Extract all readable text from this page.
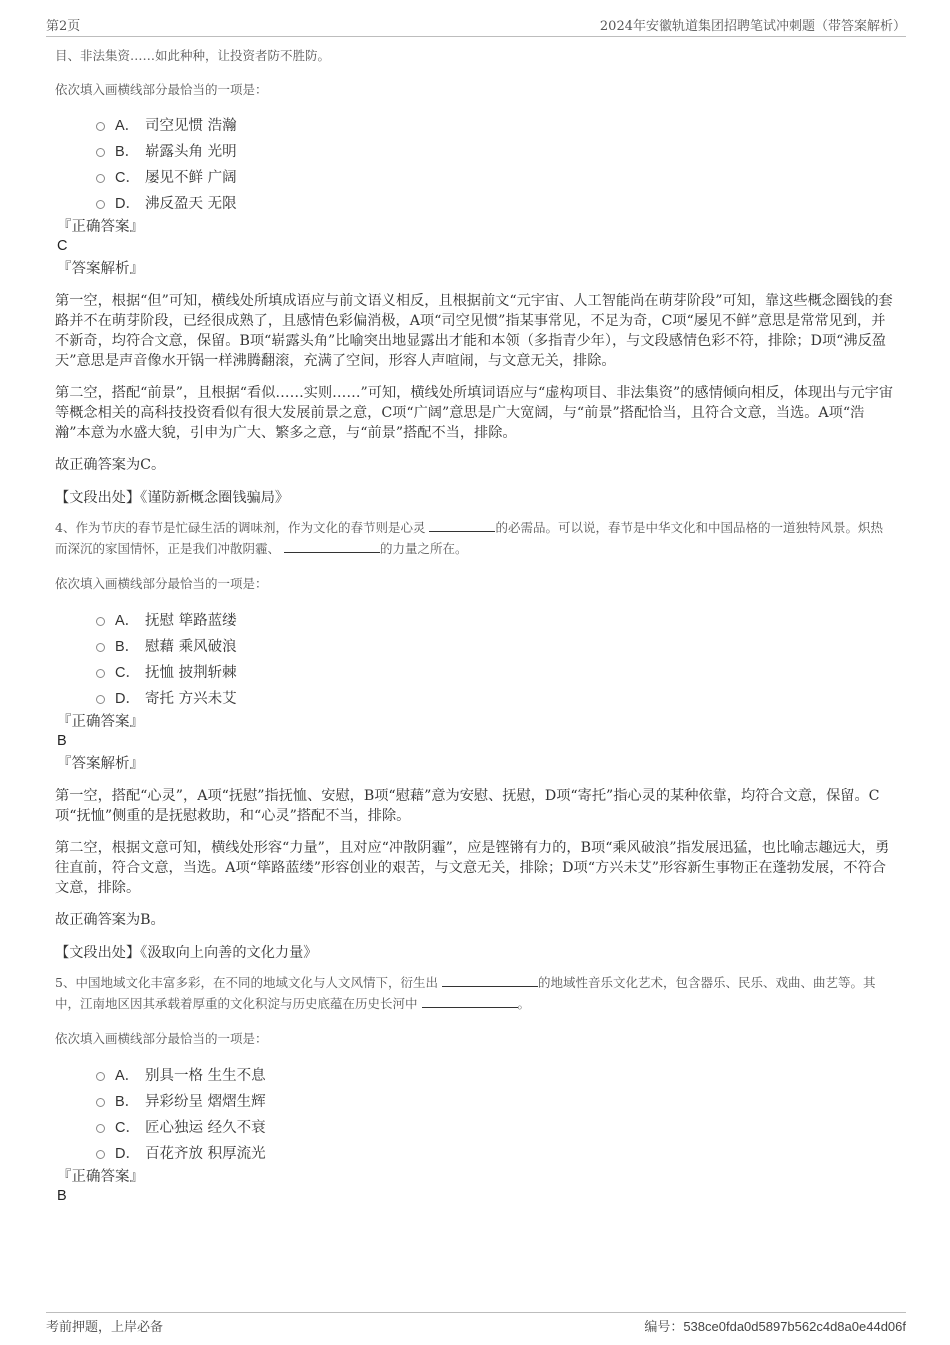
第2页	2024年安徽轨道集团招聘笔试冲刺题（带答案解析）
目、非法集资……如此种种，让投资者防不胜防。
依次填入画横线部分最恰当的一项是：
A． 司空见惯 浩瀚
B． 崭露头角 光明
C． 屡见不鲜 广阔
D． 沸反盈天 无限
『正确答案』
C
『答案解析』

第一空，根据“但”可知，横线处所填成语应与前文语义相反，且根据前文“元宇宙、人工智能尚在萌芽阶段”可知，靠这些概念圈钱的套路并不在萌芽阶段，已经很成熟了，且感情色彩偏消极，A项“司空见惯”指某事常见，不足为奇，C项“屡见不鲜”意思是常常见到，并不新奇，均符合文意，保留。B项“崭露头角”比喻突出地显露出才能和本领（多指青少年），与文段感情色彩不符，排除；D项“沸反盈天”意思是声音像水开锅一样沸腾翻滚，充满了空间，形容人声喧闹，与文意无关，排除。

第二空，搭配“前景”，且根据“看似……实则……”可知，横线处所填词语应与“虚构项目、非法集资”的感情倾向相反，体现出与元宇宙等概念相关的高科技投资看似有很大发展前景之意，C项“广阔”意思是广大宽阔，与“前景”搭配恰当，且符合文意，当选。A项“浩瀚”本意为水盛大貌，引申为广大、繁多之意，与“前景”搭配不当，排除。

故正确答案为C。

【文段出处】《谨防新概念圈钱骗局》

4、作为节庆的春节是忙碌生活的调味剂，作为文化的春节则是心灵	的必需品。可以说，春节是中华文化和中国品格的一道独特风景。炽热而深沉的家国情怀，正是我们冲散阴霾、	的力量之所在。

依次填入画横线部分最恰当的一项是：
A． 抚慰 筚路蓝缕
B． 慰藉 乘风破浪
C． 抚恤 披荆斩棘
D． 寄托 方兴未艾
『正确答案』
B
『答案解析』

第一空，搭配“心灵”，A项“抚慰”指抚恤、安慰，B项“慰藉”意为安慰、抚慰，D项“寄托”指心灵的某种依靠，均符合文意，保留。C项“抚恤”侧重的是抚慰救助，和“心灵”搭配不当，排除。

第二空，根据文意可知，横线处形容“力量”，且对应“冲散阴霾”，应是铿锵有力的，B项“乘风破浪”指发展迅猛，也比喻志趣远大，勇往直前，符合文意，当选。A项“筚路蓝缕”形容创业的艰苦，与文意无关，排除；D项“方兴未艾”形容新生事物正在蓬勃发展，不符合文意，排除。

故正确答案为B。

【文段出处】《汲取向上向善的文化力量》

5、中国地域文化丰富多彩，在不同的地域文化与人文风情下，衍生出	的地域性音乐文化艺术，包含器乐、民乐、戏曲、曲艺等。其中，江南地区因其承载着厚重的文化积淀与历史底蕴在历史长河中	。

依次填入画横线部分最恰当的一项是：
A． 别具一格 生生不息
B． 异彩纷呈 熠熠生辉
C． 匠心独运 经久不衰
D． 百花齐放 积厚流光
『正确答案』
B
考前押题，上岸必备	编号：538ce0fda0d5897b562c4d8a0e44d06f
